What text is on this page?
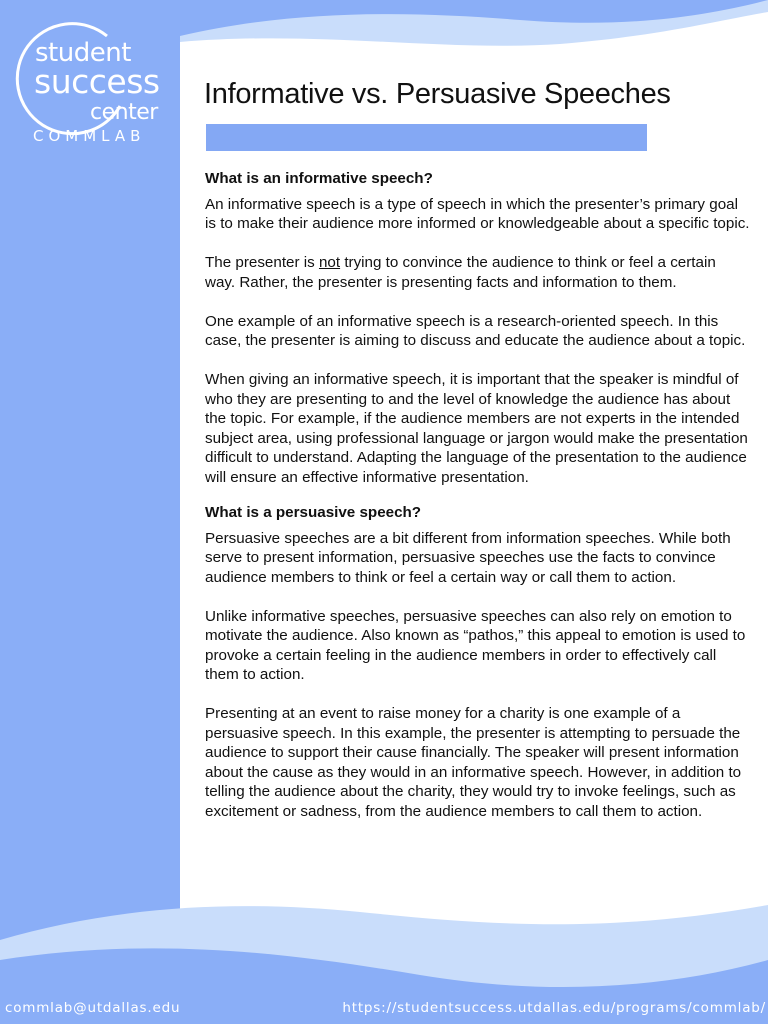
student
success
center
COMMLAB
Informative vs. Persuasive Speeches
What is an informative speech?

An informative speech is a type of speech in which the presenter’s primary goal is to make their audience more informed or knowledgeable about a specific topic.

The presenter is not trying to convince the audience to think or feel a certain way. Rather, the presenter is presenting facts and information to them.

One example of an informative speech is a research-oriented speech. In this case, the presenter is aiming to discuss and educate the audience about a topic.

When giving an informative speech, it is important that the speaker is mindful of who they are presenting to and the level of knowledge the audience has about the topic. For example, if the audience members are not experts in the intended subject area, using professional language or jargon would make the presentation difficult to understand. Adapting the language of the presentation to the audience will ensure an effective informative presentation.

What is a persuasive speech?

Persuasive speeches are a bit different from information speeches. While both serve to present information, persuasive speeches use the facts to convince audience members to think or feel a certain way or call them to action.

Unlike informative speeches, persuasive speeches can also rely on emotion to motivate the audience. Also known as “pathos,” this appeal to emotion is used to provoke a certain feeling in the audience members in order to effectively call them to action.

Presenting at an event to raise money for a charity is one example of a persuasive speech. In this example, the presenter is attempting to persuade the audience to support their cause financially. The speaker will present information about the cause as they would in an informative speech. However, in addition to telling the audience about the charity, they would try to invoke feelings, such as excitement or sadness, from the audience members to call them to action.

commlab@utdallas.edu	https://studentsuccess.utdallas.edu/programs/commlab/
